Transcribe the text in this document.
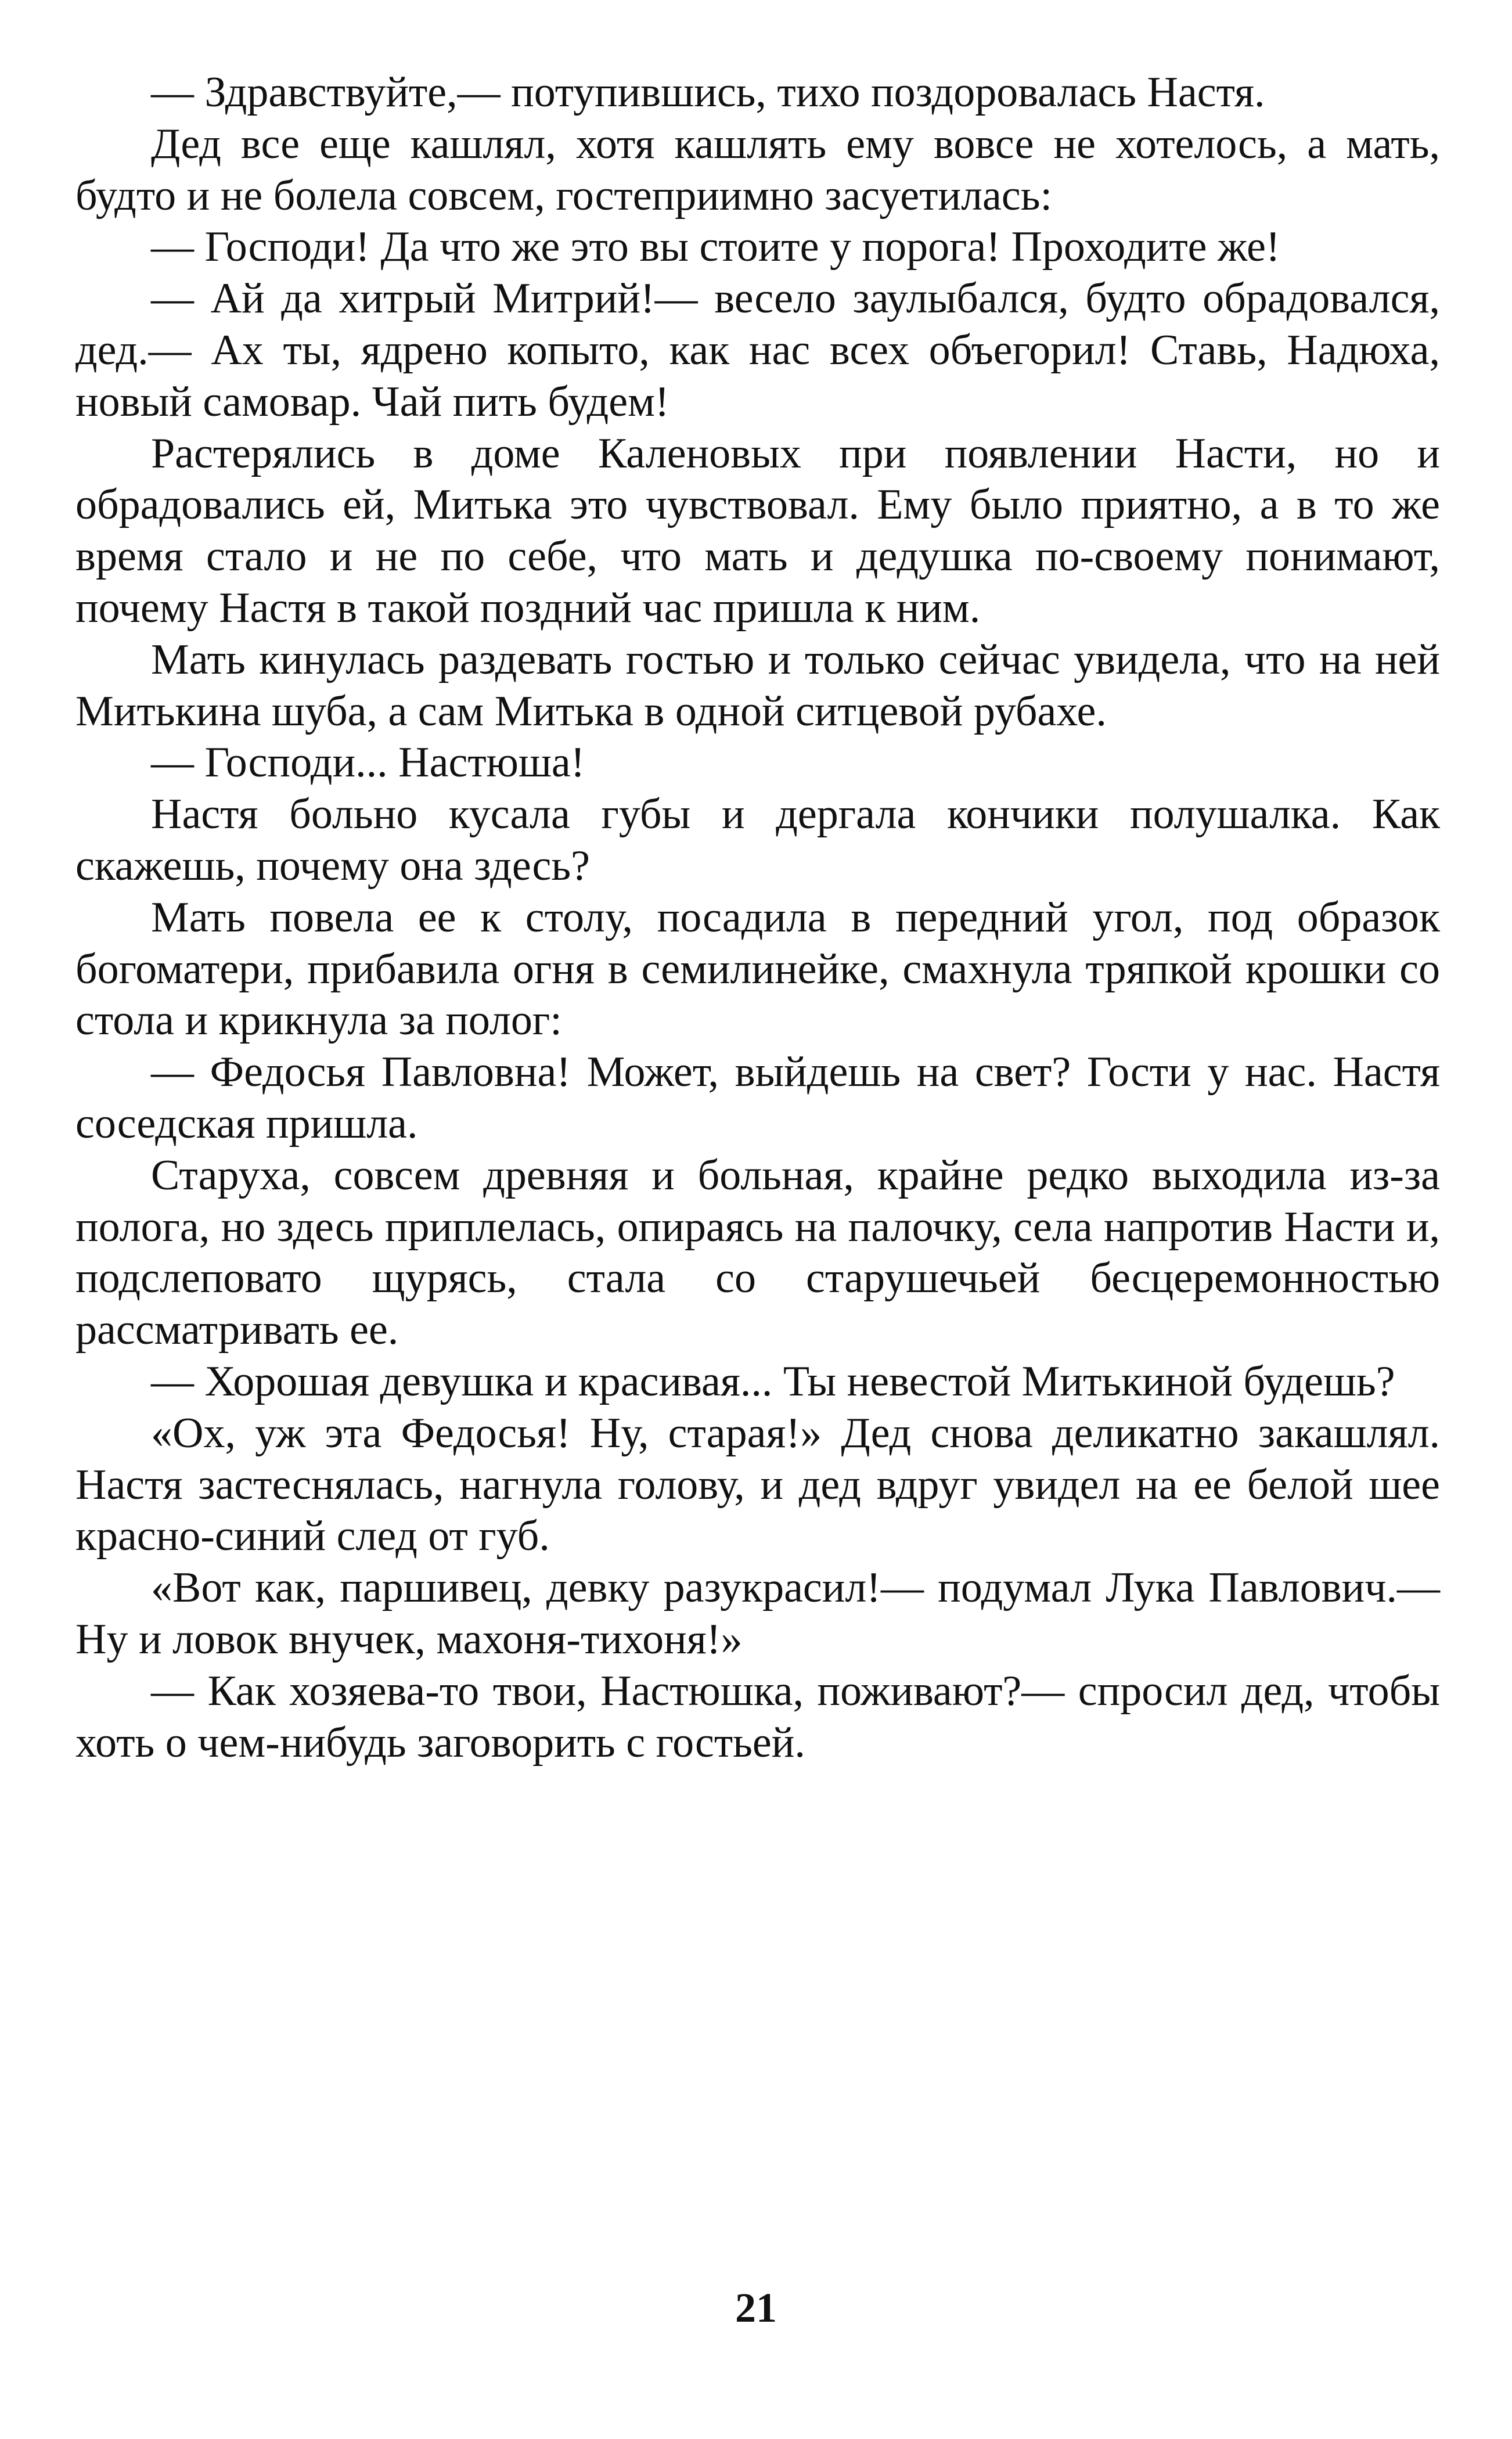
— Здравствуйте,— потупившись, тихо поздоровалась Настя.

Дед все еще кашлял, хотя кашлять ему вовсе не хотелось, а мать, будто и не болела совсем, гостеприимно засуетилась:

— Господи! Да что же это вы стоите у порога! Проходите же!

— Ай да хитрый Митрий!— весело заулыбался, будто обрадовался, дед.— Ах ты, ядрено копыто, как нас всех объегорил! Ставь, Надюха, новый самовар. Чай пить будем!

Растерялись в доме Каленовых при появлении Насти, но и обрадовались ей, Митька это чувствовал. Ему было приятно, а в то же время стало и не по себе, что мать и дедушка по-своему понимают, почему Настя в такой поздний час пришла к ним.

Мать кинулась раздевать гостью и только сейчас увидела, что на ней Митькина шуба, а сам Митька в одной ситцевой рубахе.

— Господи... Настюша!

Настя больно кусала губы и дергала кончики полушалка. Как скажешь, почему она здесь?

Мать повела ее к столу, посадила в передний угол, под образок богоматери, прибавила огня в семилинейке, смахнула тряпкой крошки со стола и крикнула за полог:

— Федосья Павловна! Может, выйдешь на свет? Гости у нас. Настя соседская пришла.

Старуха, совсем древняя и больная, крайне редко выходила из-за полога, но здесь приплелась, опираясь на палочку, села напротив Насти и, подслеповато щурясь, стала со старушечьей бесцеремонностью рассматривать ее.

— Хорошая девушка и красивая... Ты невестой Митькиной будешь?

«Ох, уж эта Федосья! Ну, старая!» Дед снова деликатно закашлял. Настя застеснялась, нагнула голову, и дед вдруг увидел на ее белой шее красно-синий след от губ.

«Вот как, паршивец, девку разукрасил!— подумал Лука Павлович.— Ну и ловок внучек, махоня-тихоня!»

— Как хозяева-то твои, Настюшка, поживают?— спросил дед, чтобы хоть о чем-нибудь заговорить с гостьей.

21
